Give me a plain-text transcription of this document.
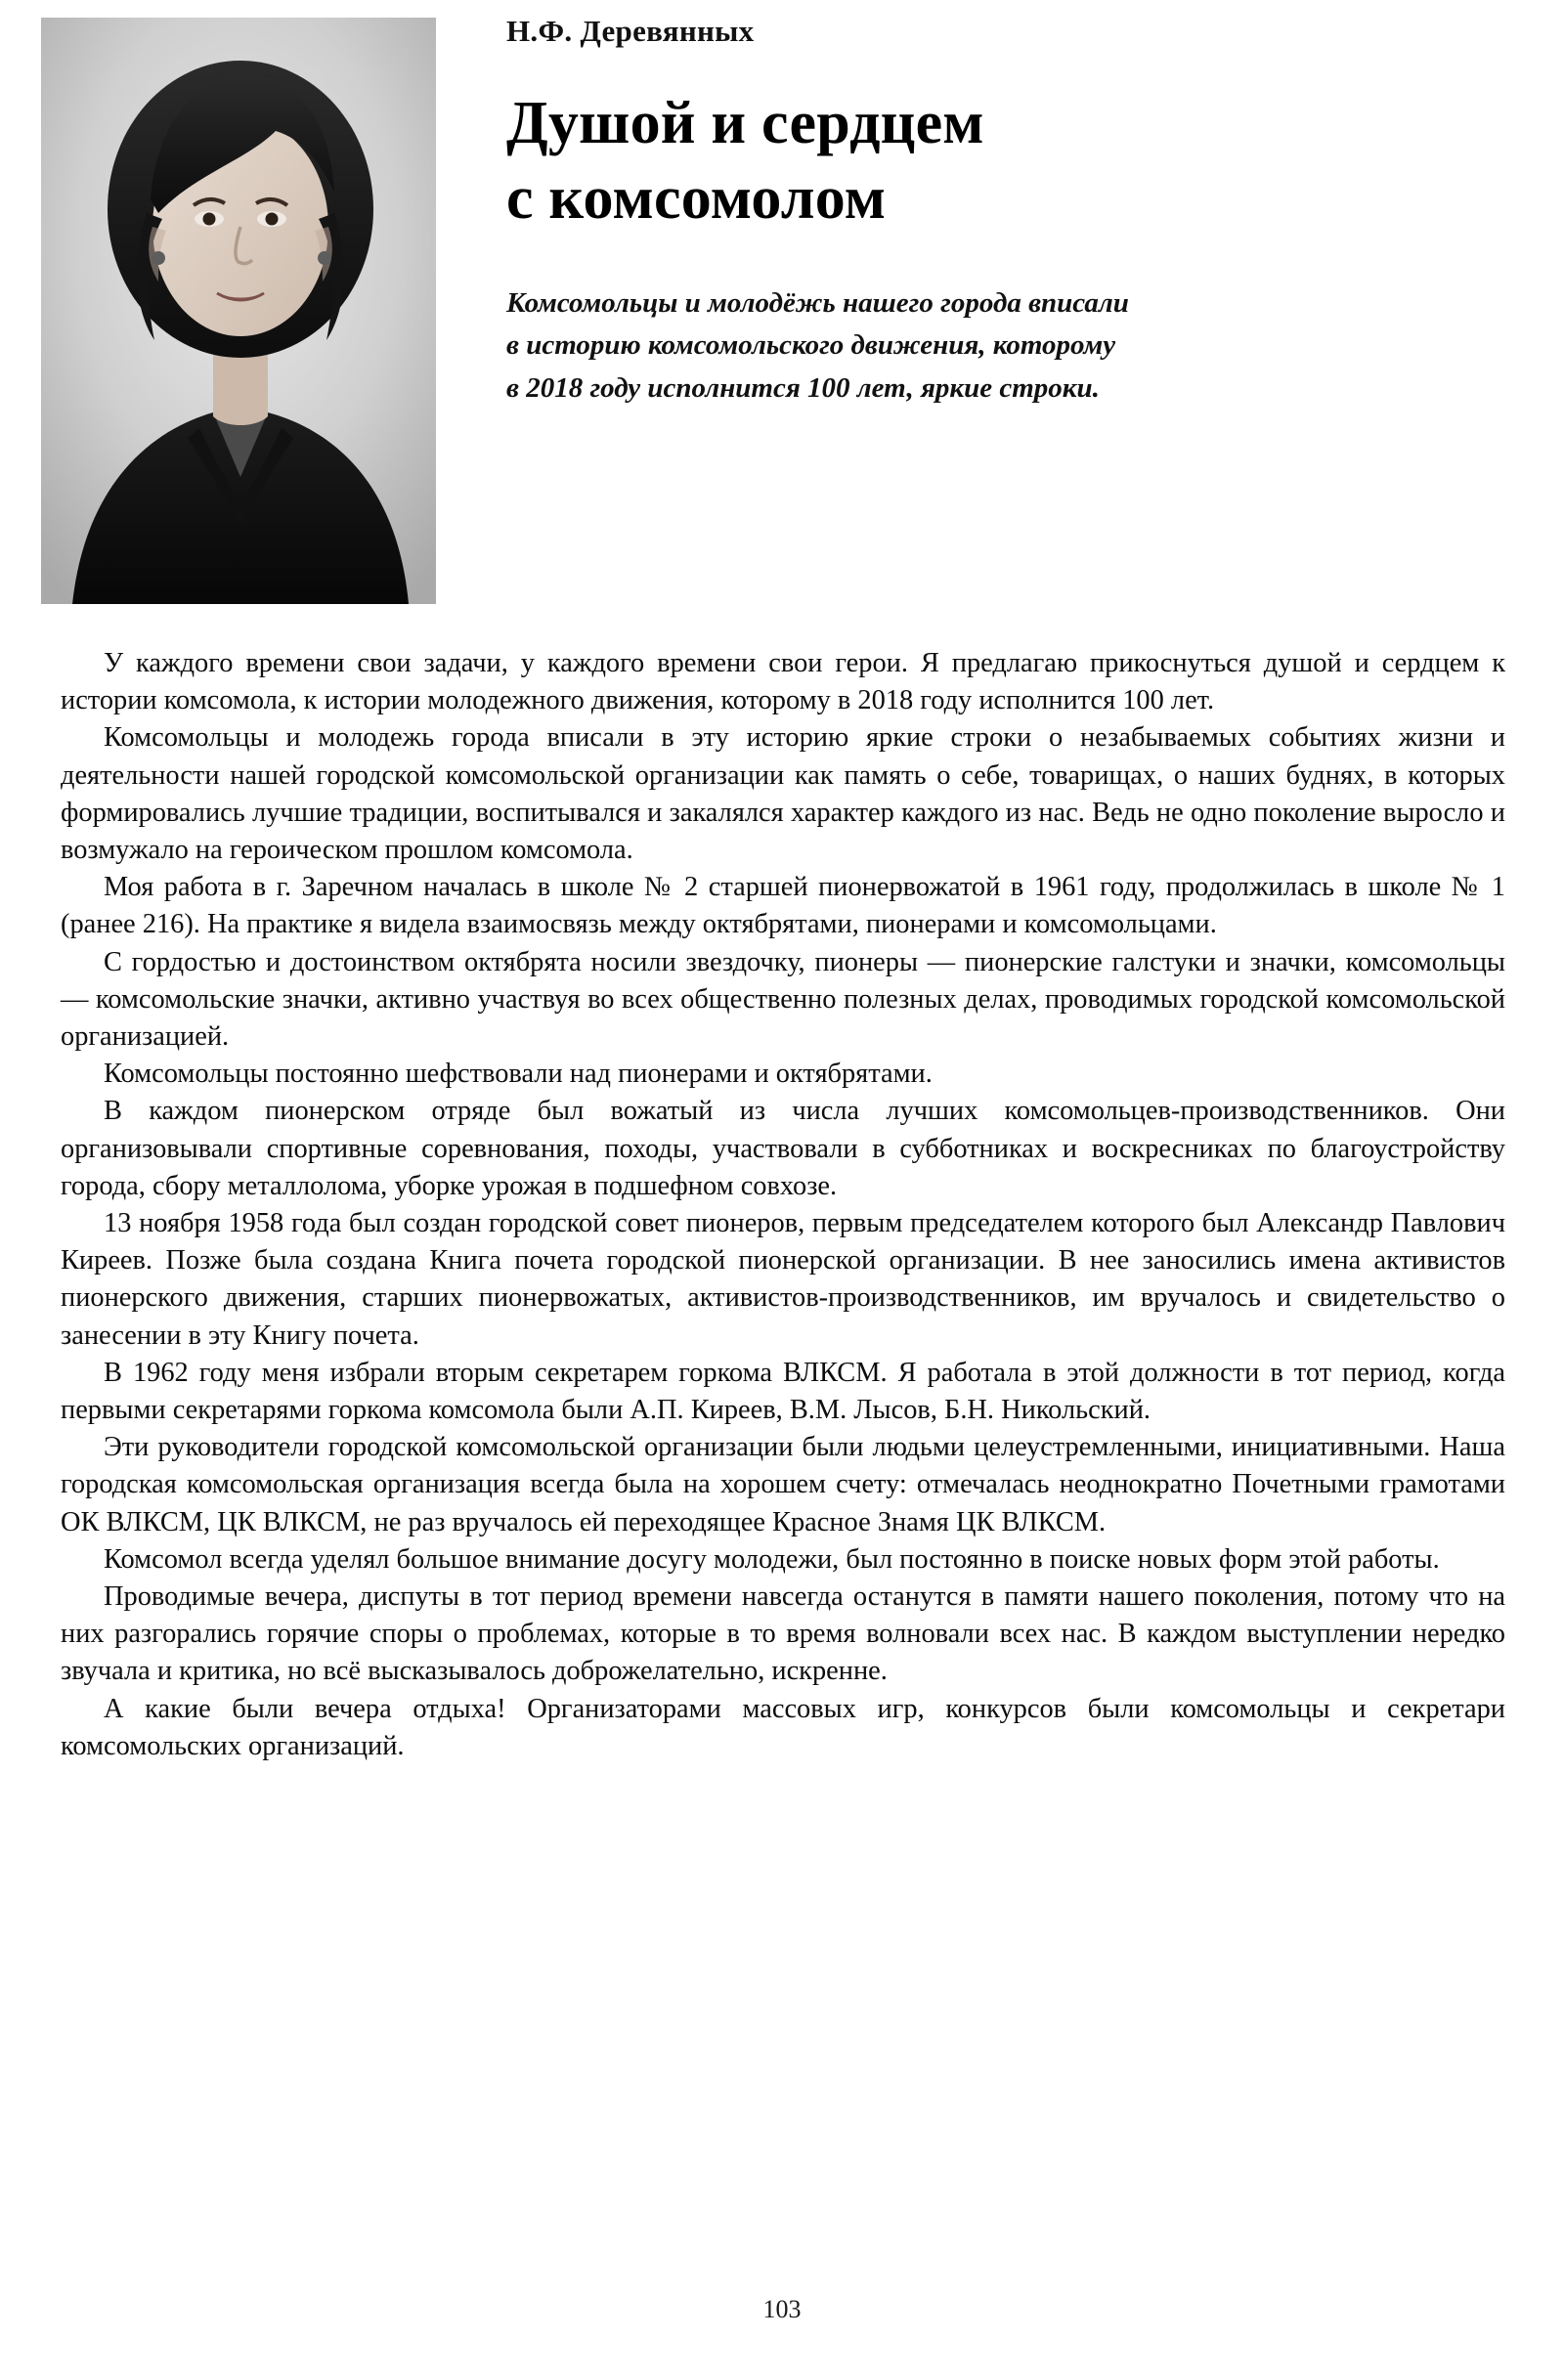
Н.Ф. Деревянных
Душой и сердцем
с комсомолом
Комсомольцы и молодёжь нашего города вписали
в историю комсомольского движения, которому
в 2018 году исполнится 100 лет, яркие строки.

У каждого времени свои задачи, у каждого времени свои герои. Я предлагаю прикоснуться душой и сердцем к истории комсомола, к истории молодежного движения, которому в 2018 году исполнится 100 лет.

Комсомольцы и молодежь города вписали в эту историю яркие строки о незабываемых событиях жизни и деятельности нашей городской комсомольской организации как память о себе, товарищах, о наших буднях, в которых формировались лучшие традиции, воспитывался и закалялся характер каждого из нас. Ведь не одно поколение выросло и возмужало на героическом прошлом комсомола.

Моя работа в г. Заречном началась в школе № 2 старшей пионервожатой в 1961 году, продолжилась в школе № 1 (ранее 216). На практике я видела взаимосвязь между октябрятами, пионерами и комсомольцами.

С гордостью и достоинством октябрята носили звездочку, пионеры — пионерские галстуки и значки, комсомольцы — комсомольские значки, активно участвуя во всех общественно полезных делах, проводимых городской комсомольской организацией.

Комсомольцы постоянно шефствовали над пионерами и октябрятами.

В каждом пионерском отряде был вожатый из числа лучших комсомольцев-производственников. Они организовывали спортивные соревнования, походы, участвовали в субботниках и воскресниках по благоустройству города, сбору металлолома, уборке урожая в подшефном совхозе.

13 ноября 1958 года был создан городской совет пионеров, первым председателем которого был Александр Павлович Киреев. Позже была создана Книга почета городской пионерской организации. В нее заносились имена активистов пионерского движения, старших пионервожатых, активистов-производственников, им вручалось и свидетельство о занесении в эту Книгу почета.

В 1962 году меня избрали вторым секретарем горкома ВЛКСМ. Я работала в этой должности в тот период, когда первыми секретарями горкома комсомола были А.П. Киреев, В.М. Лысов, Б.Н. Никольский.

Эти руководители городской комсомольской организации были людьми целеустремленными, инициативными. Наша городская комсомольская организация всегда была на хорошем счету: отмечалась неоднократно Почетными грамотами ОК ВЛКСМ, ЦК ВЛКСМ, не раз вручалось ей переходящее Красное Знамя ЦК ВЛКСМ.

Комсомол всегда уделял большое внимание досугу молодежи, был постоянно в поиске новых форм этой работы.

Проводимые вечера, диспуты в тот период времени навсегда останутся в памяти нашего поколения, потому что на них разгорались горячие споры о проблемах, которые в то время волновали всех нас. В каждом выступлении нередко звучала и критика, но всё высказывалось доброжелательно, искренне.

А какие были вечера отдыха! Организаторами массовых игр, конкурсов были комсомольцы и секретари комсомольских организаций.

103
